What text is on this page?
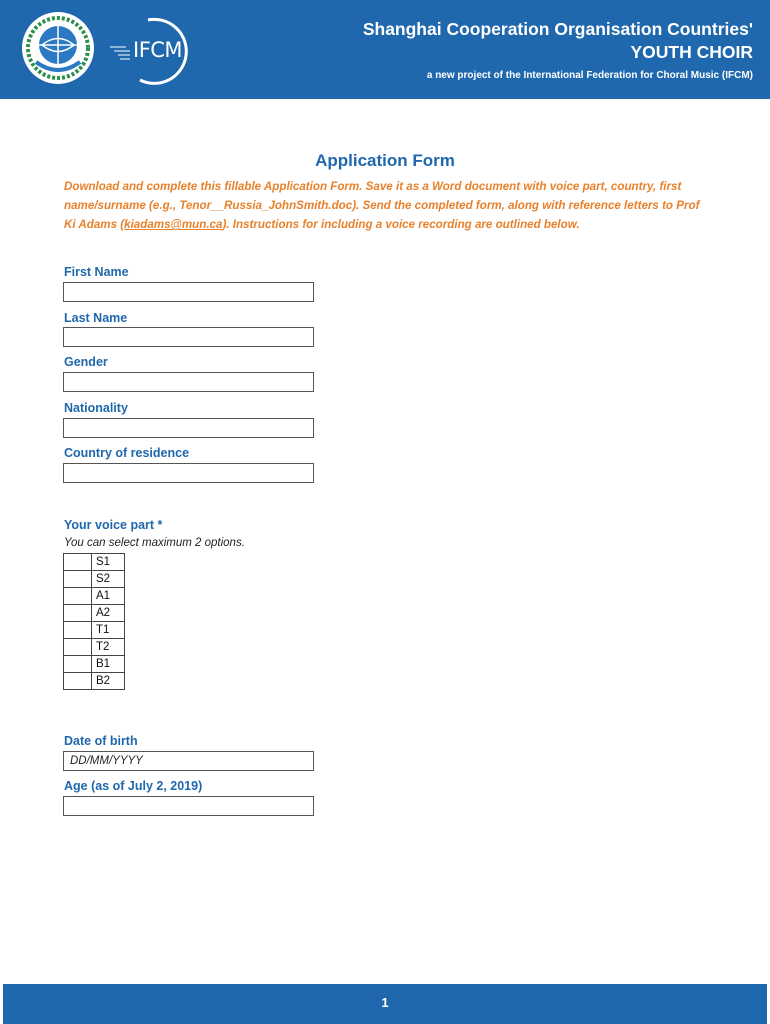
IFCM
Shanghai Cooperation Organisation Countries'
YOUTH CHOIR
a new project of the International Federation for Choral Music (IFCM)
Application Form

Download and complete this fillable Application Form. Save it as a Word document with voice part, country, first name/surname (e.g., Tenor__Russia_JohnSmith.doc). Send the completed form, along with reference letters to Prof Ki Adams (kiadams@mun.ca). Instructions for including a voice recording are outlined below.

First Name
Last Name
Gender
Nationality
Country of residence
Your voice part *
You can select maximum 2 options.
	S1
	S2
	A1
	A2
	T1
	T2
	B1
	B2
Date of birth
DD/MM/YYYY
Age (as of July 2, 2019)
1
